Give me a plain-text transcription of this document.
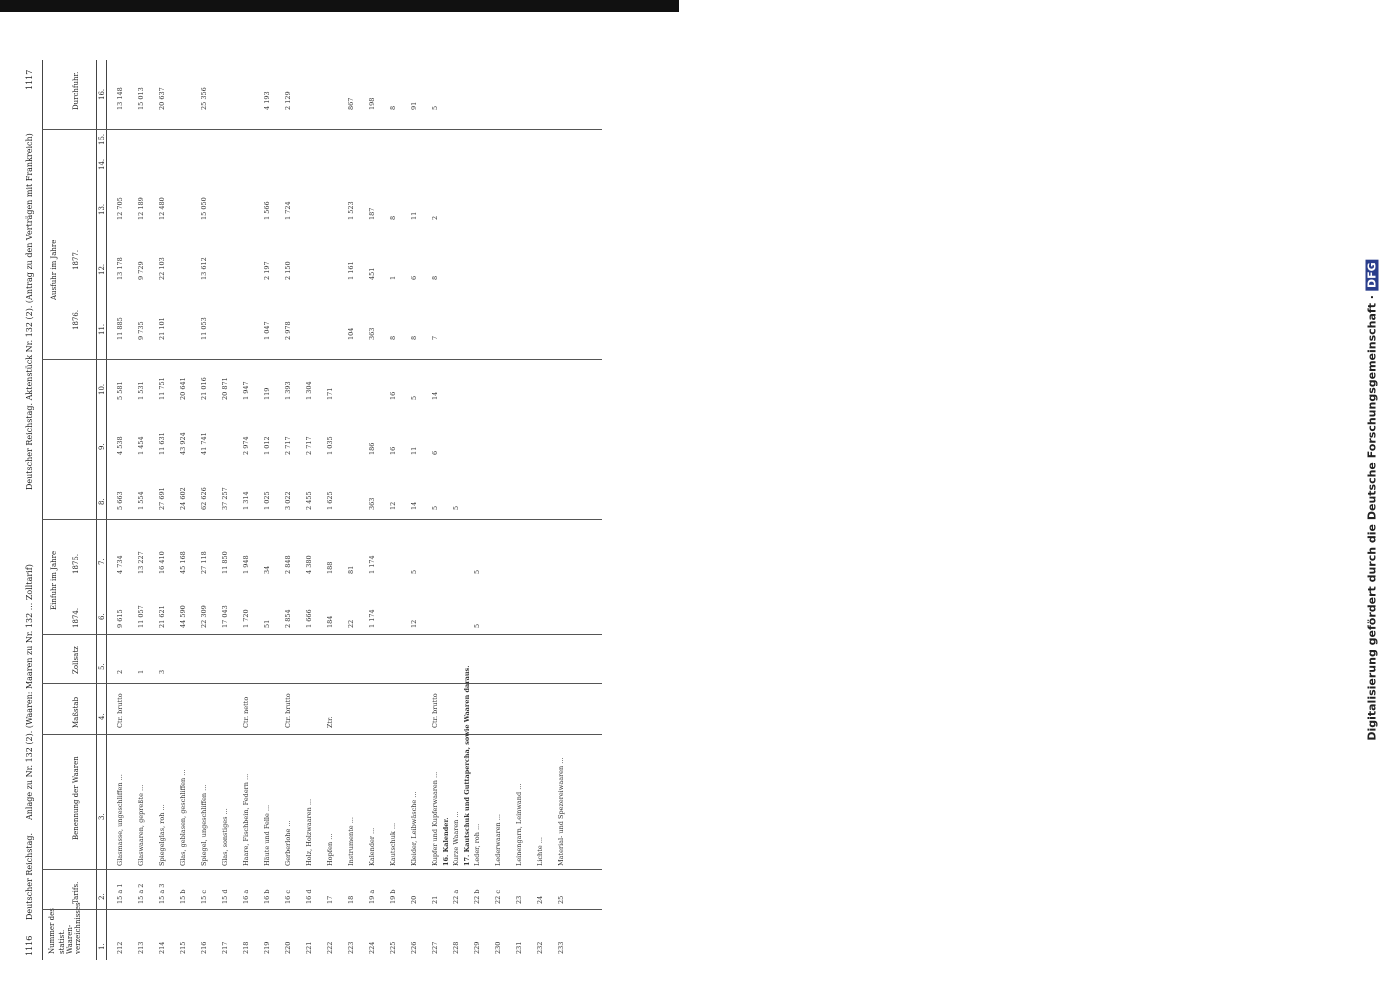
Digitalisierung gefördert durch die Deutsche Forschungsgemeinschaft ·DFG
1116
Deutscher Reichstag.
Anlage zu Nr. 132 (2). (Waaren: Maaren zu Nr. 132 ... Zolltarif)
Deutscher Reichstag. Aktenstück Nr. 132 (2). (Antrag zu den Verträgen mit Frankreich)
1117
Nummer des statist. Waaren-verzeichnisses
Tarifs.
Benennung der Waaren
Maßstab
Zollsatz
Einfuhr im Jahre
1874.
1875.
Ausfuhr im Jahre
1876.
1877.
Durchfuhr.
212
15 a 1
Glasmasse, ungeschliffen ...
Ctr. brutto
2
9 615
4 734
5 663
4 538
5 581
11 885
13 178
12 705
13 148
213
15 a 2
Glaswaaren, gepreßte ...
1
11 057
13 227
1 554
1 454
1 531
9 735
9 729
12 189
15 013
214
15 a 3
Spiegelglas, roh ...
3
21 621
16 410
27 691
11 631
11 751
21 101
22 103
12 480
20 637
215
15 b
Glas, geblasen, geschliffen ...
44 590
45 168
24 602
43 924
20 641
216
15 c
Spiegel, ungeschliffen ...
22 309
27 118
62 626
41 741
21 016
11 053
13 612
15 050
25 356
217
15 d
Glas, sonstiges ...
17 043
11 850
37 257
20 871
218
16 a
Haare, Fischbein, Federn ...
Ctr. netto
1 720
1 948
1 314
2 974
1 947
219
16 b
Häute und Felle ...
51
34
1 025
1 012
119
1 047
2 197
1 566
4 193
220
16 c
Gerberlohe ...
Ctr. brutto
2 854
2 848
3 022
2 717
1 393
2 978
2 150
1 724
2 129
221
16 d
Holz, Holzwaaren ...
1 666
4 380
2 455
2 717
1 304
222
17
Hopfen ...
Ztr.
184
188
1 625
1 035
171
223
18
Instrumente ...
22
81
104
1 161
1 523
867
224
19 a
Kalender ...
1 174
1 174
363
186
363
451
187
198
225
19 b
Kautschuk ...
12
16
16
8
1
8
8
226
20
Kleider, Leibwäsche ...
12
5
14
11
5
8
6
11
91
227
21
Kupfer und Kupferwaaren ...
Ctr. brutto
5
6
14
7
8
2
5
228
22 a
Kurze Waaren ...
5
229
22 b
Leder, roh ...
5
5
230
22 c
Lederwaaren ...
231
23
Leinengarn, Leinwand ...
232
24
Lichte ...
233
25
Material- und Spezereiwaaren ...
16. Kalender. 17. Kautschuk und Guttapercha, sowie Waaren daraus.
1.
2.
3.
4.
5.
6.
7.
8.
9.
10.
11.
12.
13.
14.
15.
16.
